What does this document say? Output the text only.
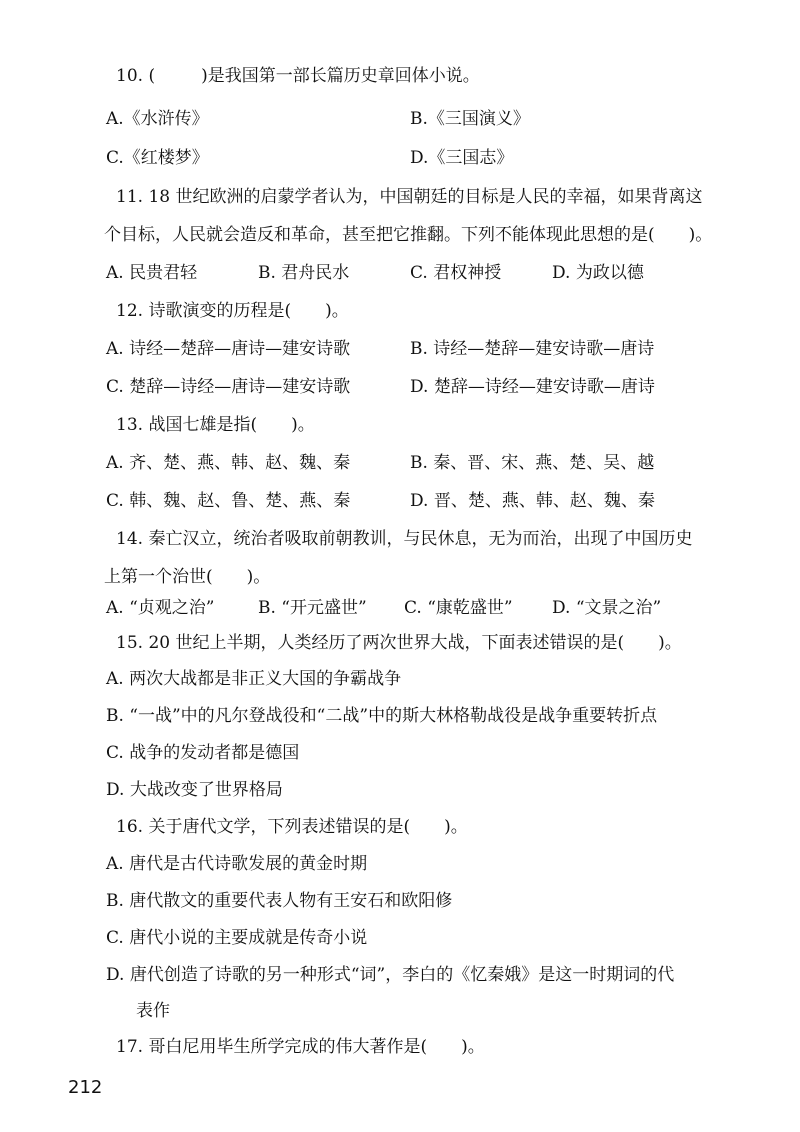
10. (	)是我国第一部长篇历史章回体小说。

A.《水浒传》	B.《三国演义》
C.《红楼梦》	D.《三国志》

11. 18 世纪欧洲的启蒙学者认为，中国朝廷的目标是人民的幸福，如果背离这

个目标，人民就会造反和革命，甚至把它推翻。下列不能体现此思想的是(　　)。

A. 民贵君轻	B. 君舟民水	C. 君权神授	D. 为政以德

12. 诗歌演变的历程是(　　)。

A. 诗经—楚辞—唐诗—建安诗歌	B. 诗经—楚辞—建安诗歌—唐诗
C. 楚辞—诗经—唐诗—建安诗歌	D. 楚辞—诗经—建安诗歌—唐诗

13. 战国七雄是指(　　)。

A. 齐、楚、燕、韩、赵、魏、秦	B. 秦、晋、宋、燕、楚、吴、越
C. 韩、魏、赵、鲁、楚、燕、秦	D. 晋、楚、燕、韩、赵、魏、秦

14. 秦亡汉立，统治者吸取前朝教训，与民休息，无为而治，出现了中国历史

上第一个治世(　　)。

A. “贞观之治”	B. “开元盛世” C. “康乾盛世” D. “文景之治”

15. 20 世纪上半期，人类经历了两次世界大战，下面表述错误的是(　　)。

A. 两次大战都是非正义大国的争霸战争
B. “一战”中的凡尔登战役和“二战”中的斯大林格勒战役是战争重要转折点
C. 战争的发动者都是德国
D. 大战改变了世界格局

16. 关于唐代文学，下列表述错误的是(　　)。

A. 唐代是古代诗歌发展的黄金时期
B. 唐代散文的重要代表人物有王安石和欧阳修
C. 唐代小说的主要成就是传奇小说
D. 唐代创造了诗歌的另一种形式“词”，李白的《忆秦娥》是这一时期词的代
表作

17. 哥白尼用毕生所学完成的伟大著作是(　　)。

212
